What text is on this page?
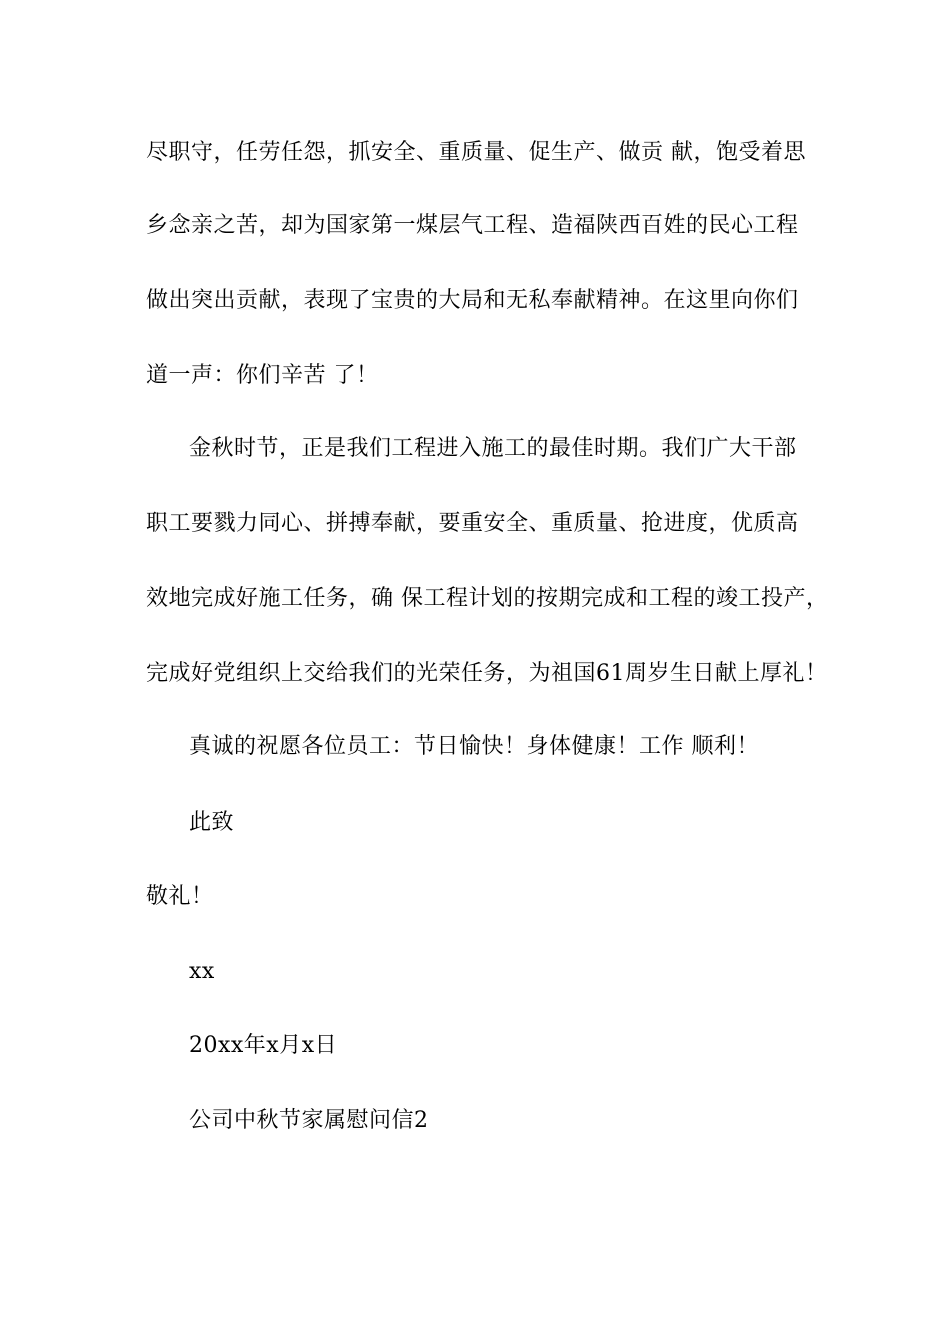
尽职守，任劳任怨，抓安全、重质量、促生产、做贡 献，饱受着思
乡念亲之苦，却为国家第一煤层气工程、造福陕西百姓的民心工程
做出突出贡献，表现了宝贵的大局和无私奉献精神。在这里向你们
道一声：你们辛苦 了！
金秋时节，正是我们工程进入施工的最佳时期。我们广大干部
职工要戮力同心、拼搏奉献，要重安全、重质量、抢进度，优质高
效地完成好施工任务，确 保工程计划的按期完成和工程的竣工投产，
完成好党组织上交给我们的光荣任务，为祖国61周岁生日献上厚礼！
真诚的祝愿各位员工：节日愉快！身体健康！工作 顺利！
此致
敬礼！
xx
20xx年x月x日
公司中秋节家属慰问信2
